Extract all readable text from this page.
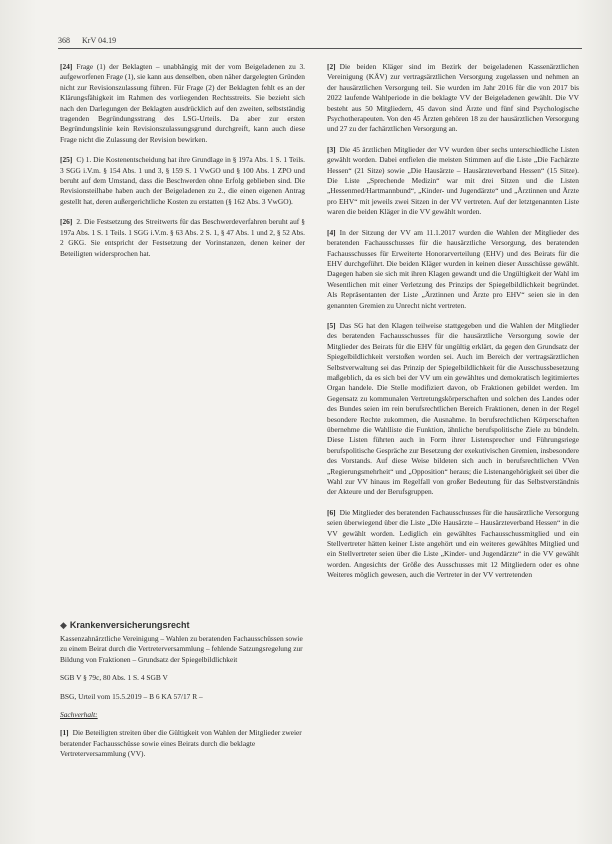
368 KrV 04.19

[24] Frage (1) der Beklagten – unabhängig mit der vom Beigeladenen zu 3. aufgeworfenen Frage (1), sie kann aus denselben, oben näher dargelegten Gründen nicht zur Revisionszulassung führen. Für Frage (2) der Beklagten fehlt es an der Klärungsfähigkeit im Rahmen des vorliegenden Rechtsstreits. Sie bezieht sich nach den Darlegungen der Beklagten ausdrücklich auf den zweiten, selbstständig tragenden Begründungsstrang des LSG-Urteils. Da aber zur ersten Begründungslinie kein Revisionszulassungsgrund durchgreift, kann auch diese Frage nicht die Zulassung der Revision bewirken.

[25] C) 1. Die Kostenentscheidung hat ihre Grundlage in § 197a Abs. 1 S. 1 Teils. 3 SGG i.V.m. § 154 Abs. 1 und 3, § 159 S. 1 VwGO und § 100 Abs. 1 ZPO und beruht auf dem Umstand, dass die Beschwerden ohne Erfolg geblieben sind. Die Revisionsteilhabe haben auch der Beigeladenen zu 2., die einen eigenen Antrag gestellt hat, deren außergerichtliche Kosten zu erstatten (§ 162 Abs. 3 VwGO).

[26] 2. Die Festsetzung des Streitwerts für das Beschwerdeverfahren beruht auf § 197a Abs. 1 S. 1 Teils. 1 SGG i.V.m. § 63 Abs. 2 S. 1, § 47 Abs. 1 und 2, § 52 Abs. 2 GKG. Sie entspricht der Festsetzung der Vorinstanzen, denen keiner der Beteiligten widersprochen hat.

◆ Krankenversicherungsrecht

Kassenzahnärztliche Vereinigung – Wahlen zu beratenden Fachausschüssen sowie zu einem Beirat durch die Vertreterversammlung – fehlende Satzungsregelung zur Bildung von Fraktionen – Grundsatz der Spiegelbildlichkeit

SGB V § 79c, 80 Abs. 1 S. 4 SGB V

BSG, Urteil vom 15.5.2019 – B 6 KA 57/17 R –

Sachverhalt:

[1] Die Beteiligten streiten über die Gültigkeit von Wahlen der Mitglieder zweier beratender Fachausschüsse sowie eines Beirats durch die beklagte Vertreterversammlung (VV).

[2] Die beiden Kläger sind im Bezirk der beigeladenen Kassenärztlichen Vereinigung (KÄV) zur vertragsärztlichen Versorgung zugelassen und nehmen an der hausärztlichen Versorgung teil. Sie wurden im Jahr 2016 für die von 2017 bis 2022 laufende Wahlperiode in die beklagte VV der Beigeladenen gewählt. Die VV besteht aus 50 Mitgliedern, 45 davon sind Ärzte und fünf sind Psychologische Psychotherapeuten. Von den 45 Ärzten gehören 18 zu der hausärztlichen Versorgung und 27 zu der fachärztlichen Versorgung an.

[3] Die 45 ärztlichen Mitglieder der VV wurden über sechs unterschiedliche Listen gewählt worden. Dabei entfielen die meisten Stimmen auf die Liste „Die Fachärzte Hessen“ (21 Sitze) sowie „Die Hausärzte – Hausärzteverband Hessen“ (15 Sitze). Die Liste „Sprechende Medizin“ war mit drei Sitzen und die Listen „Hessenmed/Hartmannbund“, „Kinder- und Jugendärzte“ und „Ärztinnen und Ärzte pro EHV“ mit jeweils zwei Sitzen in der VV vertreten. Auf der letztgenannten Liste waren die beiden Kläger in die VV gewählt worden.

[4] In der Sitzung der VV am 11.1.2017 wurden die Wahlen der Mitglieder des beratenden Fachausschusses für die hausärztliche Versorgung, des beratenden Fachausschusses für Erweiterte Honorarverteilung (EHV) und des Beirats für die EHV durchgeführt. Die beiden Kläger wurden in keinen dieser Ausschüsse gewählt. Dagegen haben sie sich mit ihren Klagen gewandt und die Ungültigkeit der Wahl im Wesentlichen mit einer Verletzung des Prinzips der Spiegelbildlichkeit begründet. Als Repräsentanten der Liste „Ärztinnen und Ärzte pro EHV“ seien sie in den genannten Gremien zu Unrecht nicht vertreten.

[5] Das SG hat den Klagen teilweise stattgegeben und die Wahlen der Mitglieder des beratenden Fachausschusses für die hausärztliche Versorgung sowie der Mitglieder des Beirats für die EHV für ungültig erklärt, da gegen den Grundsatz der Spiegelbildlichkeit verstoßen worden sei. Auch im Bereich der vertragsärztlichen Selbstverwaltung sei das Prinzip der Spiegelbildlichkeit für die Ausschussbesetzung maßgeblich, da es sich bei der VV um ein gewähltes und demokratisch legitimiertes Organ handele. Die Stelle modifiziert davon, ob Fraktionen gebildet werden. Im Gegensatz zu kommunalen Vertretungskörperschaften und solchen des Landes oder des Bundes seien im rein berufsrechtlichen Bereich Fraktionen, denen in der Regel besondere Rechte zukommen, die Ausnahme. In berufsrechtlichen Körperschaften übernehme die Wahlliste die Funktion, ähnliche berufspolitische Ziele zu bündeln. Diese Listen führten auch in Form ihrer Listensprecher und Führungsriege berufspolitische Gespräche zur Besetzung der exekutivischen Gremien, insbesondere des Vorstands. Auf diese Weise bildeten sich auch in berufsrechtlichen VVen „Regierungsmehrheit“ und „Opposition“ heraus; die Listenangehörigkeit sei über die Wahl zur VV hinaus im Regelfall von großer Bedeutung für das Selbstverständnis der Akteure und der Berufsgruppen.

[6] Die Mitglieder des beratenden Fachausschusses für die hausärztliche Versorgung seien überwiegend über die Liste „Die Hausärzte – Hausärzteverband Hessen“ in die VV gewählt worden. Lediglich ein gewähltes Fachausschussmitglied und ein Stellvertreter hätten keiner Liste angehört und ein weiteres gewähltes Mitglied und ein Stellvertreter seien über die Liste „Kinder- und Jugendärzte“ in die VV gewählt worden. Angesichts der Größe des Ausschusses mit 12 Mitgliedern oder es ohne Weiteres möglich gewesen, auch die Vertreter in der VV vertretenden
